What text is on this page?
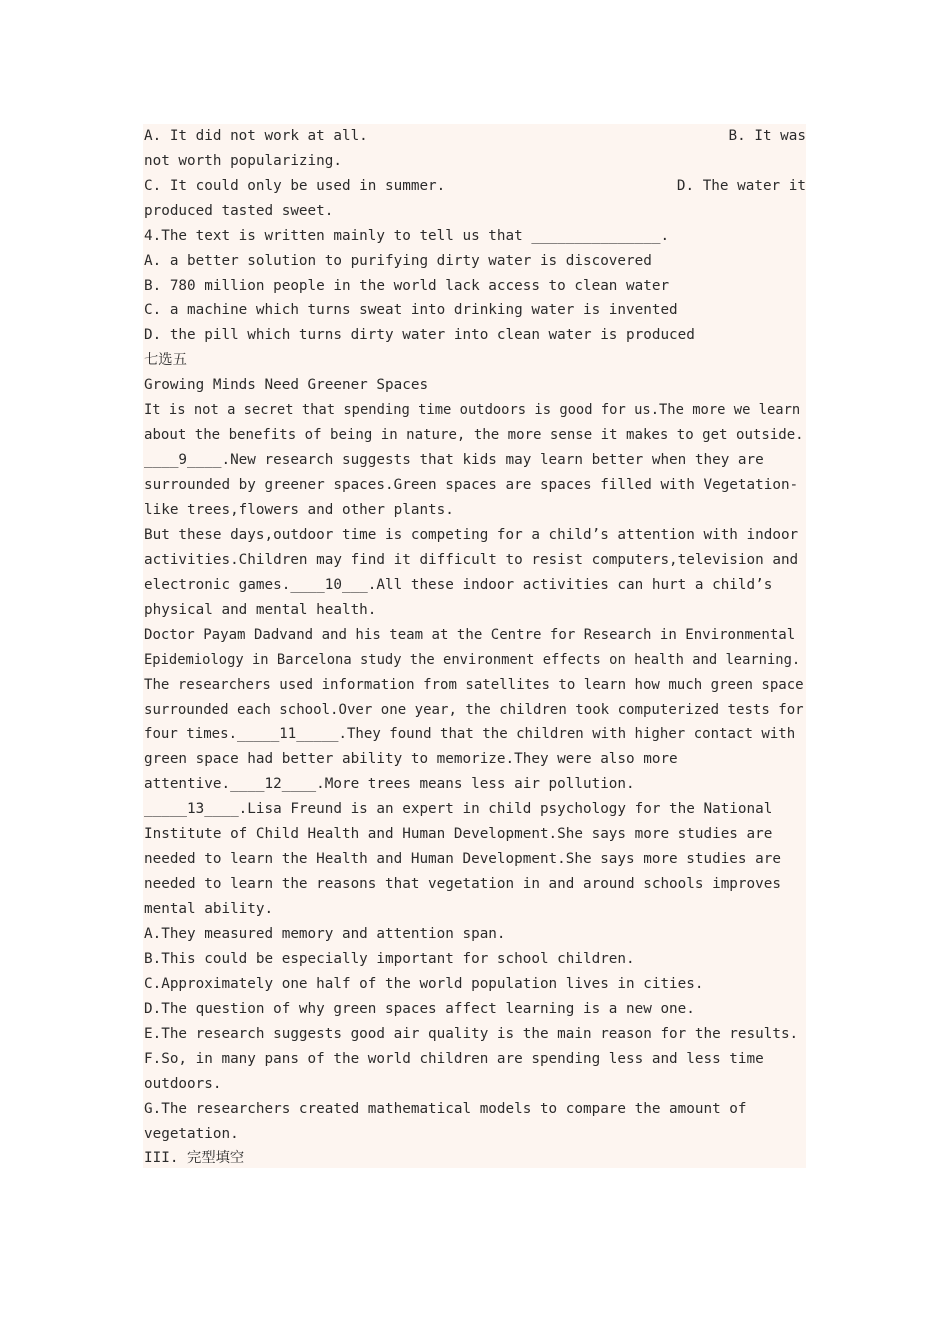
A. It did not work at all.	B. It was
not worth popularizing.
C. It could only be used in summer.	D. The water it
produced tasted sweet.
4.The text is written mainly to tell us that _______________.
A. a better solution to purifying dirty water is discovered
B. 780 million people in the world lack access to clean water
C. a machine which turns sweat into drinking water is invented
D. the pill which turns dirty water into clean water is produced
七选五
Growing Minds Need Greener Spaces
It is not a secret that spending time outdoors is good for us.The more we learn
about the benefits of being in nature, the more sense it makes to get outside.
____9____.New research suggests that kids may learn better when they are
surrounded by greener spaces.Green spaces are spaces filled with Vegetation-
like trees,flowers and other plants.
But these days,outdoor time is competing for a child’s attention with indoor
activities.Children may find it difficult to resist computers,television and
electronic games.____10___.All these indoor activities can hurt a child’s
physical and mental health.
Doctor Payam Dadvand and his team at the Centre for Research in Environmental
Epidemiology in Barcelona study the environment effects on health and learning.
The researchers used information from satellites to learn how much green space
surrounded each school.Over one year, the children took computerized tests for
four times._____11_____.They found that the children with higher contact with
green space had better ability to memorize.They were also more
attentive.____12____.More trees means less air pollution.
_____13____.Lisa Freund is an expert in child psychology for the National
Institute of Child Health and Human Development.She says more studies are
needed to learn the Health and Human Development.She says more studies are
needed to learn the reasons that vegetation in and around schools improves
mental ability.
A.They measured memory and attention span.
B.This could be especially important for school children.
C.Approximately one half of the world population lives in cities.
D.The question of why green spaces affect learning is a new one.
E.The research suggests good air quality is the main reason for the results.
F.So, in many pans of the world children are spending less and less time
outdoors.
G.The researchers created mathematical models to compare the amount of
vegetation.
III. 完型填空
